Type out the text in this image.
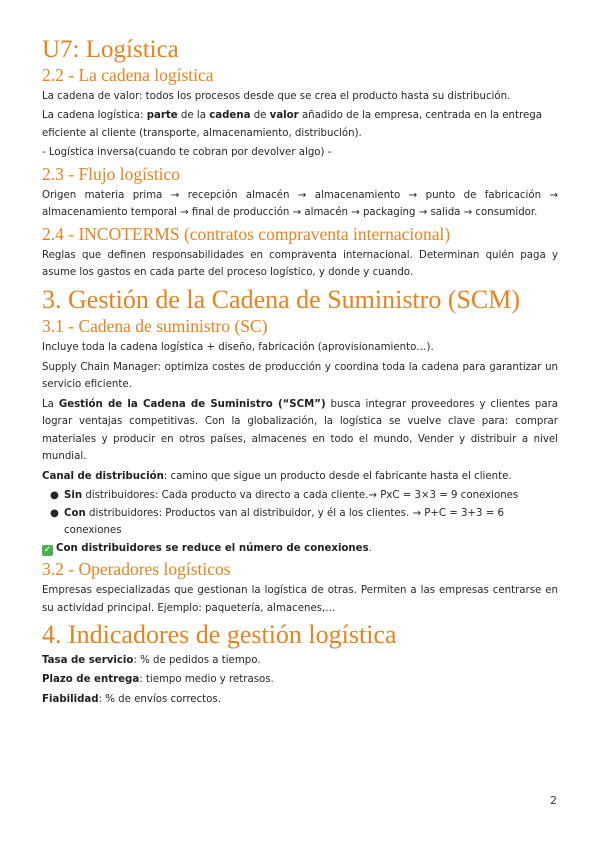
U7: Logística
2.2 - La cadena logística

La cadena de valor: todos los procesos desde que se crea el producto hasta su distribución.

La cadena logística: parte de la cadena de valor añadido de la empresa, centrada en la entrega eficiente al cliente (transporte, almacenamiento, distribución).

- Logística inversa(cuando te cobran por devolver algo) -

2.3 - Flujo logístico

Origen materia prima → recepción almacén → almacenamiento → punto de fabricación → almacenamiento temporal → final de producción → almacén → packaging → salida → consumidor.

2.4 - INCOTERMS (contratos compraventa internacional)

Reglas que definen responsabilidades en compraventa internacional. Determinan quién paga y asume los gastos en cada parte del proceso logístico, y donde y cuando.

3. Gestión de la Cadena de Suministro (SCM)
3.1 - Cadena de suministro (SC)

Incluye toda la cadena logística + diseño, fabricación (aprovisionamiento…).

Supply Chain Manager: optimiza costes de producción y coordina toda la cadena para garantizar un servicio eficiente.

La Gestión de la Cadena de Suministro (“SCM”) busca integrar proveedores y clientes para lograr ventajas competitivas. Con la globalización, la logística se vuelve clave para: comprar materiales y producir en otros países, almacenes en todo el mundo, Vender y distribuir a nivel mundial.

Canal de distribución: camino que sigue un producto desde el fabricante hasta el cliente.

● Sin distribuidores: Cada producto va directo a cada cliente.→ PxC = 3×3 = 9 conexiones
● Con distribuidores: Productos van al distribuidor, y él a los clientes. → P+C = 3+3 = 6 conexiones

✓ Con distribuidores se reduce el número de conexiones.

3.2 - Operadores logísticos

Empresas especializadas que gestionan la logística de otras. Permiten a las empresas centrarse en su actividad principal. Ejemplo: paquetería, almacenes,…

4. Indicadores de gestión logística

Tasa de servicio: % de pedidos a tiempo.

Plazo de entrega: tiempo medio y retrasos.

Fiabilidad: % de envíos correctos.

2
